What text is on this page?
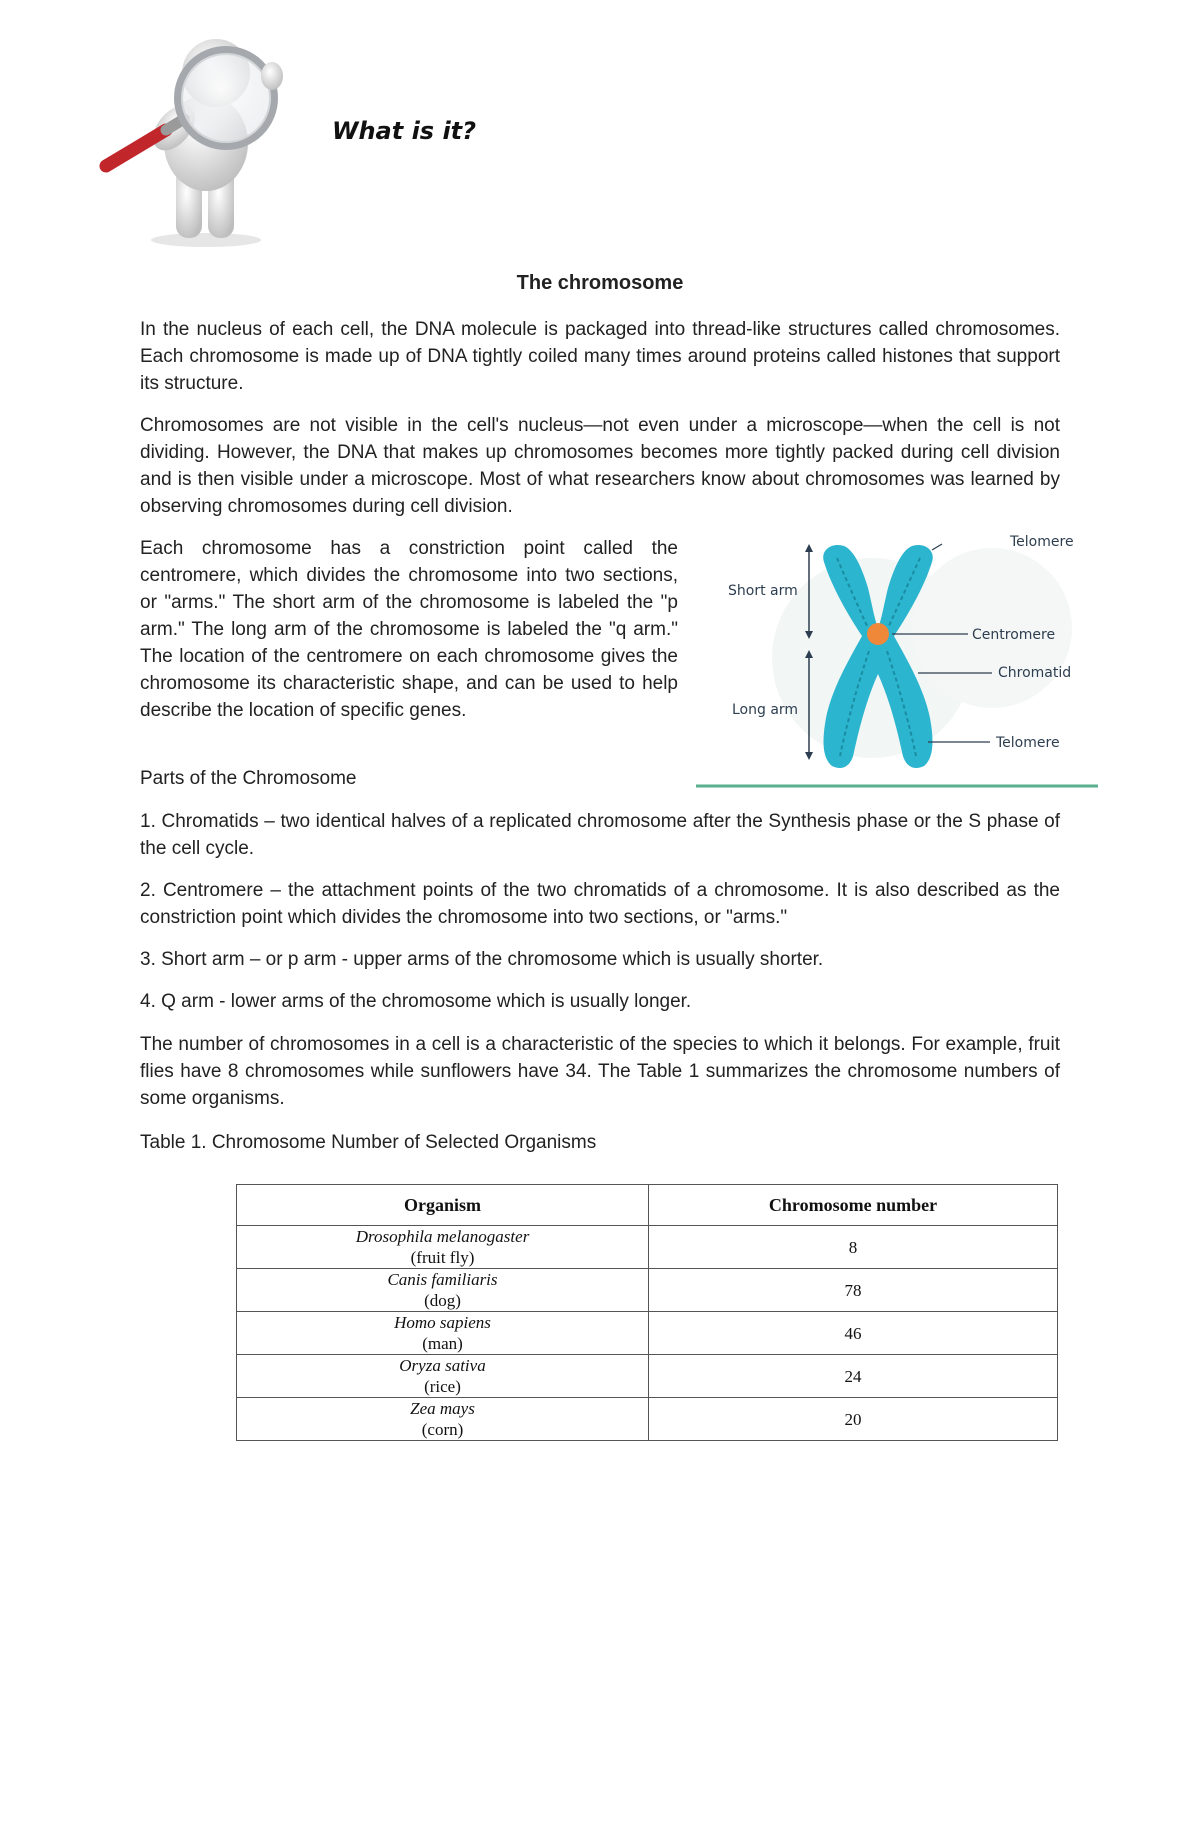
What is it?
The chromosome

In the nucleus of each cell, the DNA molecule is packaged into thread-like structures called chromosomes. Each chromosome is made up of DNA tightly coiled many times around proteins called histones that support its structure.

Chromosomes are not visible in the cell's nucleus—not even under a microscope—when the cell is not dividing. However, the DNA that makes up chromosomes becomes more tightly packed during cell division and is then visible under a microscope. Most of what researchers know about chromosomes was learned by observing chromosomes during cell division.

Each chromosome has a constriction point called the centromere, which divides the chromosome into two sections, or "arms." The short arm of the chromosome is labeled the "p arm." The long arm of the chromosome is labeled the "q arm." The location of the centromere on each chromosome gives the chromosome its characteristic shape, and can be used to help describe the location of specific genes.

Telomere
Short arm
Centromere
Chromatid
Long arm
Telomere

Parts of the Chromosome

1. Chromatids – two identical halves of a replicated chromosome after the Synthesis phase or the S phase of the cell cycle.

2. Centromere – the attachment points of the two chromatids of a chromosome. It is also described as the constriction point which divides the chromosome into two sections, or "arms."

3. Short arm – or p arm - upper arms of the chromosome which is usually shorter.

4. Q arm - lower arms of the chromosome which is usually longer.

The number of chromosomes in a cell is a characteristic of the species to which it belongs. For example, fruit flies have 8 chromosomes while sunflowers have 34. The Table 1 summarizes the chromosome numbers of some organisms.

Table 1. Chromosome Number of Selected Organisms

Organism	Chromosome number

Drosophila melanogaster
(fruit fly)	8

Canis familiaris
(dog)	78

Homo sapiens
(man)	46

Oryza sativa
(rice)	24

Zea mays
(corn)	20
